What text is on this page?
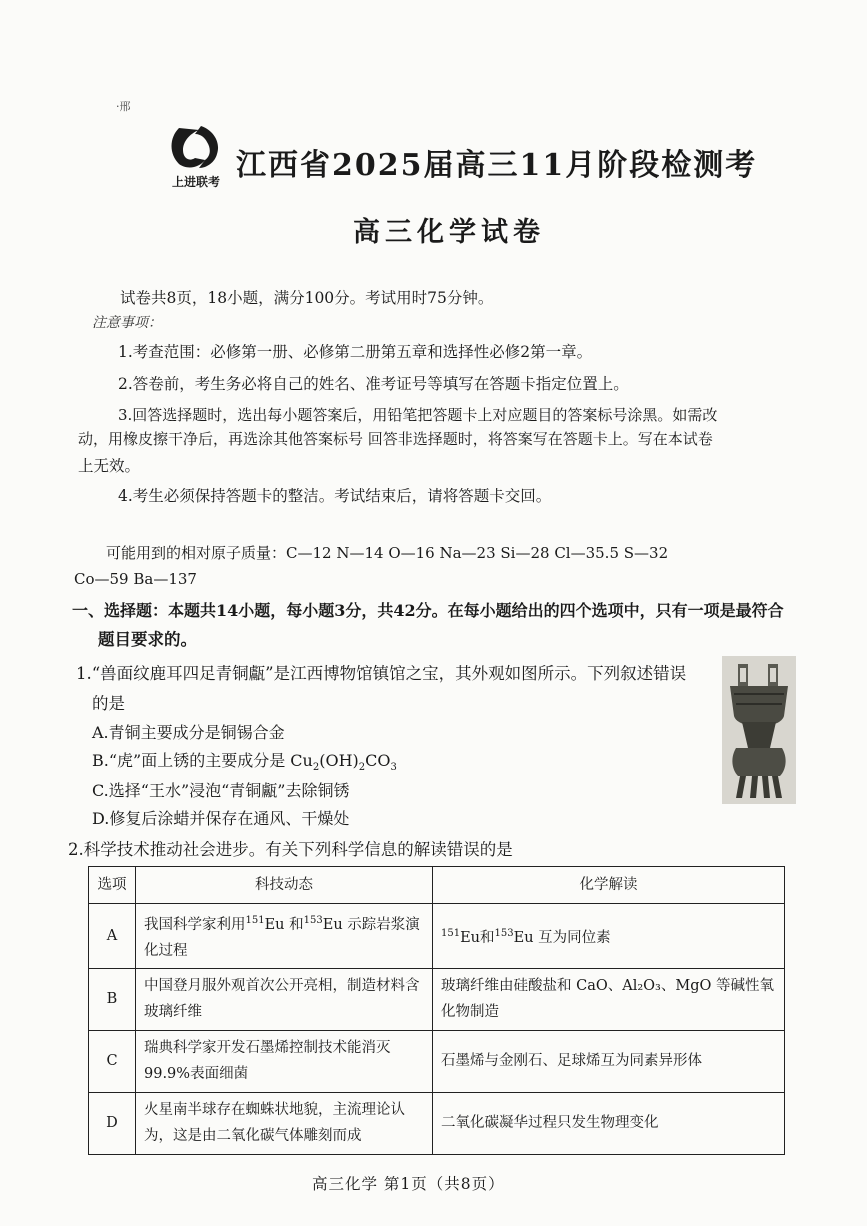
·邢
上进联考 江西省2025届高三11月阶段检测考
高三化学试卷
试卷共8页，18小题，满分100分。考试用时75分钟。
注意事项：
1.考查范围：必修第一册、必修第二册第五章和选择性必修2第一章。
2.答卷前，考生务必将自己的姓名、准考证号等填写在答题卡指定位置上。
3.回答选择题时，选出每小题答案后，用铅笔把答题卡上对应题目的答案标号涂黑。如需改
动，用橡皮擦干净后，再选涂其他答案标号 回答非选择题时，将答案写在答题卡上。写在本试卷
上无效。
4.考生必须保持答题卡的整洁。考试结束后，请将答题卡交回。
可能用到的相对原子质量：C—12 N—14 O—16 Na—23 Si—28 Cl—35.5 S—32
Co—59 Ba—137
一、选择题：本题共14小题，每小题3分，共42分。在每小题给出的四个选项中，只有一项是最符合
题目要求的。
1.“兽面纹鹿耳四足青铜甗”是江西博物馆镇馆之宝，其外观如图所示。下列叙述错误
的是
A.青铜主要成分是铜锡合金
B.“虎”面上锈的主要成分是 $Cu_2(OH)_2CO_3$
C.选择“王水”浸泡“青铜甗”去除铜锈
D.修复后涂蜡并保存在通风、干燥处
2.科学技术推动社会进步。有关下列科学信息的解读错误的是
选项	科技动态	化学解读
A	我国科学家利用$^{151}$Eu 和$^{153}$Eu 示踪岩浆演化过程	$^{151}$Eu和$^{153}$Eu 互为同位素
B	中国登月服外观首次公开亮相，制造材料含玻璃纤维	玻璃纤维由硅酸盐和 CaO、Al₂O₃、MgO 等碱性氧化物制造
C	瑞典科学家开发石墨烯控制技术能消灭99.9%表面细菌	石墨烯与金刚石、足球烯互为同素异形体
D	火星南半球存在蜘蛛状地貌，主流理论认为，这是由二氧化碳气体雕刻而成	二氧化碳凝华过程只发生物理变化
高三化学 第1页（共8页）
